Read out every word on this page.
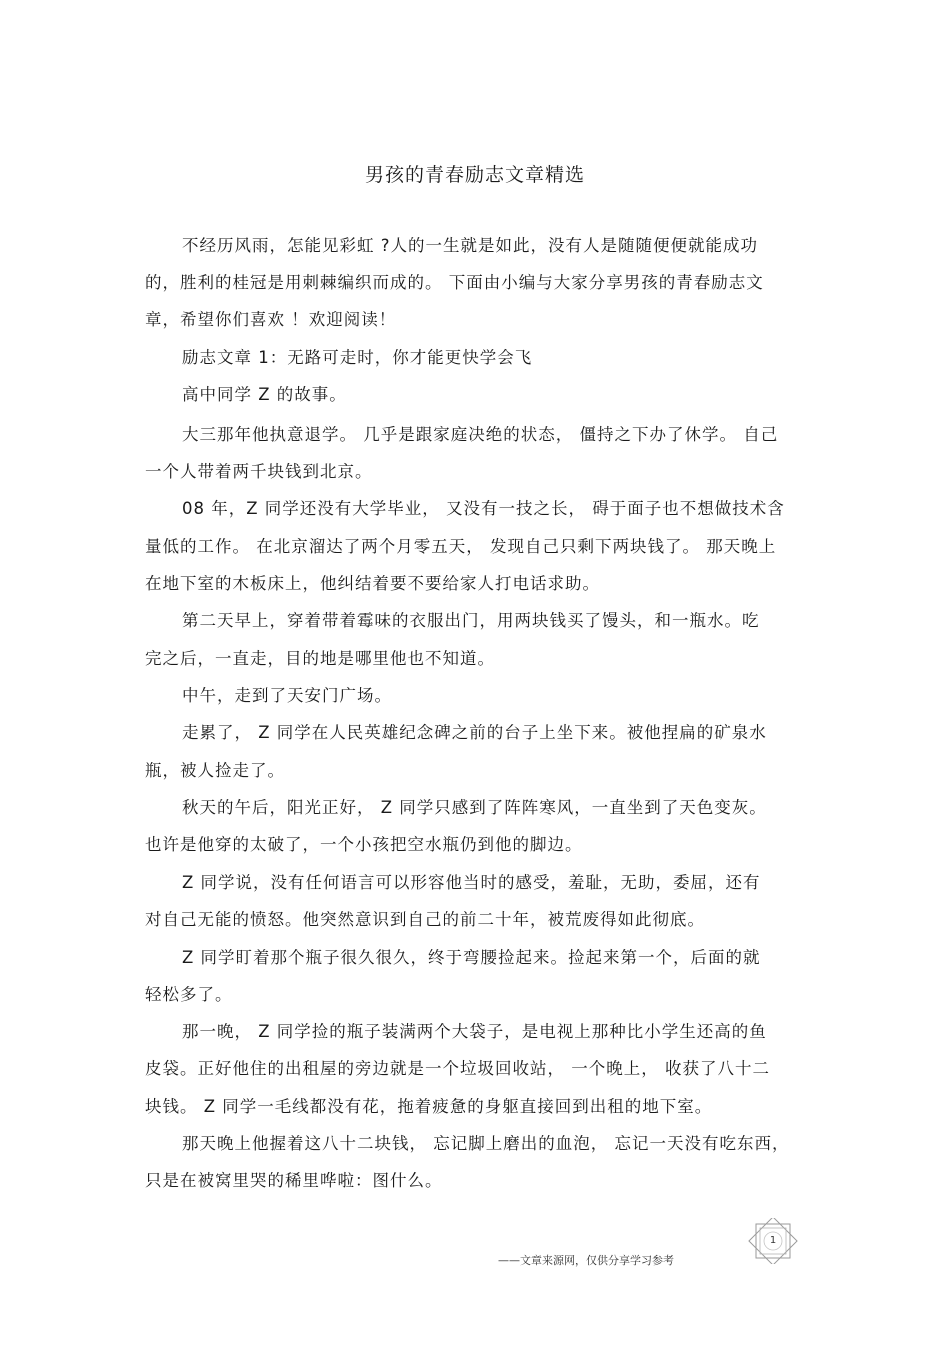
男孩的青春励志文章精选
不经历风雨，怎能见彩虹 ?人的一生就是如此，没有人是随随便便就能成功
的，胜利的桂冠是用刺棘编织而成的。 下面由小编与大家分享男孩的青春励志文
章，希望你们喜欢 ！欢迎阅读！
励志文章 1：无路可走时，你才能更快学会飞
高中同学 Z 的故事。
大三那年他执意退学。 几乎是跟家庭决绝的状态， 僵持之下办了休学。 自己
一个人带着两千块钱到北京。
08 年，Z 同学还没有大学毕业， 又没有一技之长， 碍于面子也不想做技术含
量低的工作。 在北京溜达了两个月零五天， 发现自己只剩下两块钱了。 那天晚上
在地下室的木板床上，他纠结着要不要给家人打电话求助。
第二天早上，穿着带着霉味的衣服出门，用两块钱买了馒头，和一瓶水。吃
完之后，一直走，目的地是哪里他也不知道。
中午，走到了天安门广场。
走累了， Z 同学在人民英雄纪念碑之前的台子上坐下来。被他捏扁的矿泉水
瓶，被人捡走了。
秋天的午后，阳光正好， Z 同学只感到了阵阵寒风，一直坐到了天色变灰。
也许是他穿的太破了，一个小孩把空水瓶仍到他的脚边。
Z 同学说，没有任何语言可以形容他当时的感受，羞耻，无助，委屈，还有
对自己无能的愤怒。他突然意识到自己的前二十年，被荒废得如此彻底。
Z 同学盯着那个瓶子很久很久，终于弯腰捡起来。捡起来第一个，后面的就
轻松多了。
那一晚， Z 同学捡的瓶子装满两个大袋子，是电视上那种比小学生还高的鱼
皮袋。正好他住的出租屋的旁边就是一个垃圾回收站， 一个晚上， 收获了八十二
块钱。 Z 同学一毛线都没有花，拖着疲惫的身躯直接回到出租的地下室。
那天晚上他握着这八十二块钱， 忘记脚上磨出的血泡， 忘记一天没有吃东西，
只是在被窝里哭的稀里哗啦：图什么。
1
——文章来源网，仅供分享学习参考
